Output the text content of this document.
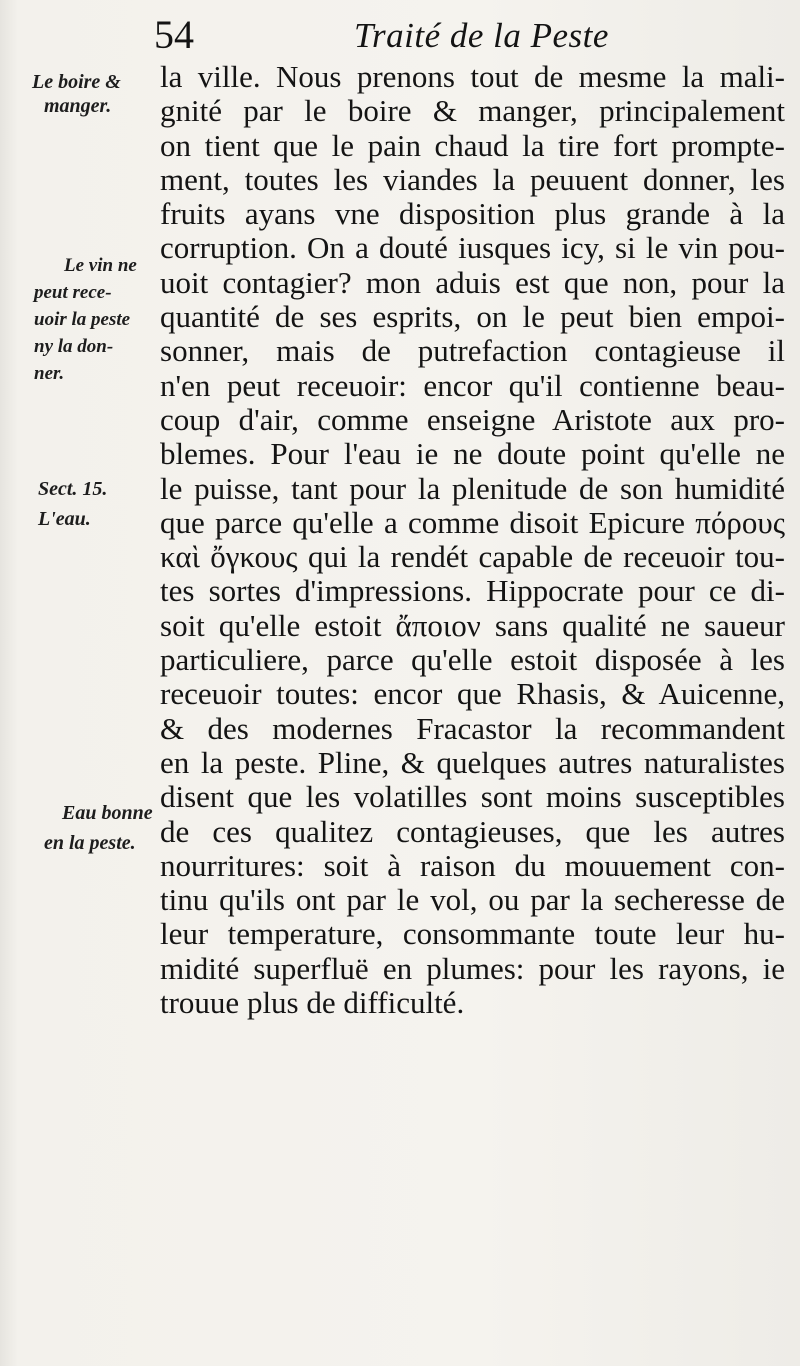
54	Traité de la Peste
Le boire &
manger.
Le vin ne
peut rece-
uoir la peste
ny la don-
ner.
Sect. 15.
L'eau.
Eau bonne
en la peste.
la ville. Nous prenons tout de mesme la mali-
gnité par le boire & manger, principalement
on tient que le pain chaud la tire fort prompte-
ment, toutes les viandes la peuuent donner, les
fruits ayans vne disposition plus grande à la
corruption. On a douté iusques icy, si le vin pou-
uoit contagier? mon aduis est que non, pour la
quantité de ses esprits, on le peut bien empoi-
sonner, mais de putrefaction contagieuse il
n'en peut receuoir: encor qu'il contienne beau-
coup d'air, comme enseigne Aristote aux pro-
blemes. Pour l'eau ie ne doute point qu'elle ne
le puisse, tant pour la plenitude de son humidité
que parce qu'elle a comme disoit Epicure πόρους
καὶ ὄγκους qui la rendét capable de receuoir tou-
tes sortes d'impressions. Hippocrate pour ce di-
soit qu'elle estoit ἄποιον sans qualité ne saueur
particuliere, parce qu'elle estoit disposée à les
receuoir toutes: encor que Rhasis, & Auicenne,
& des modernes Fracastor la recommandent
en la peste. Pline, & quelques autres naturalistes
disent que les volatilles sont moins susceptibles
de ces qualitez contagieuses, que les autres
nourritures: soit à raison du mouuement con-
tinu qu'ils ont par le vol, ou par la secheresse de
leur temperature, consommante toute leur hu-
midité superfluë en plumes: pour les rayons, ie
trouue plus de difficulté.
